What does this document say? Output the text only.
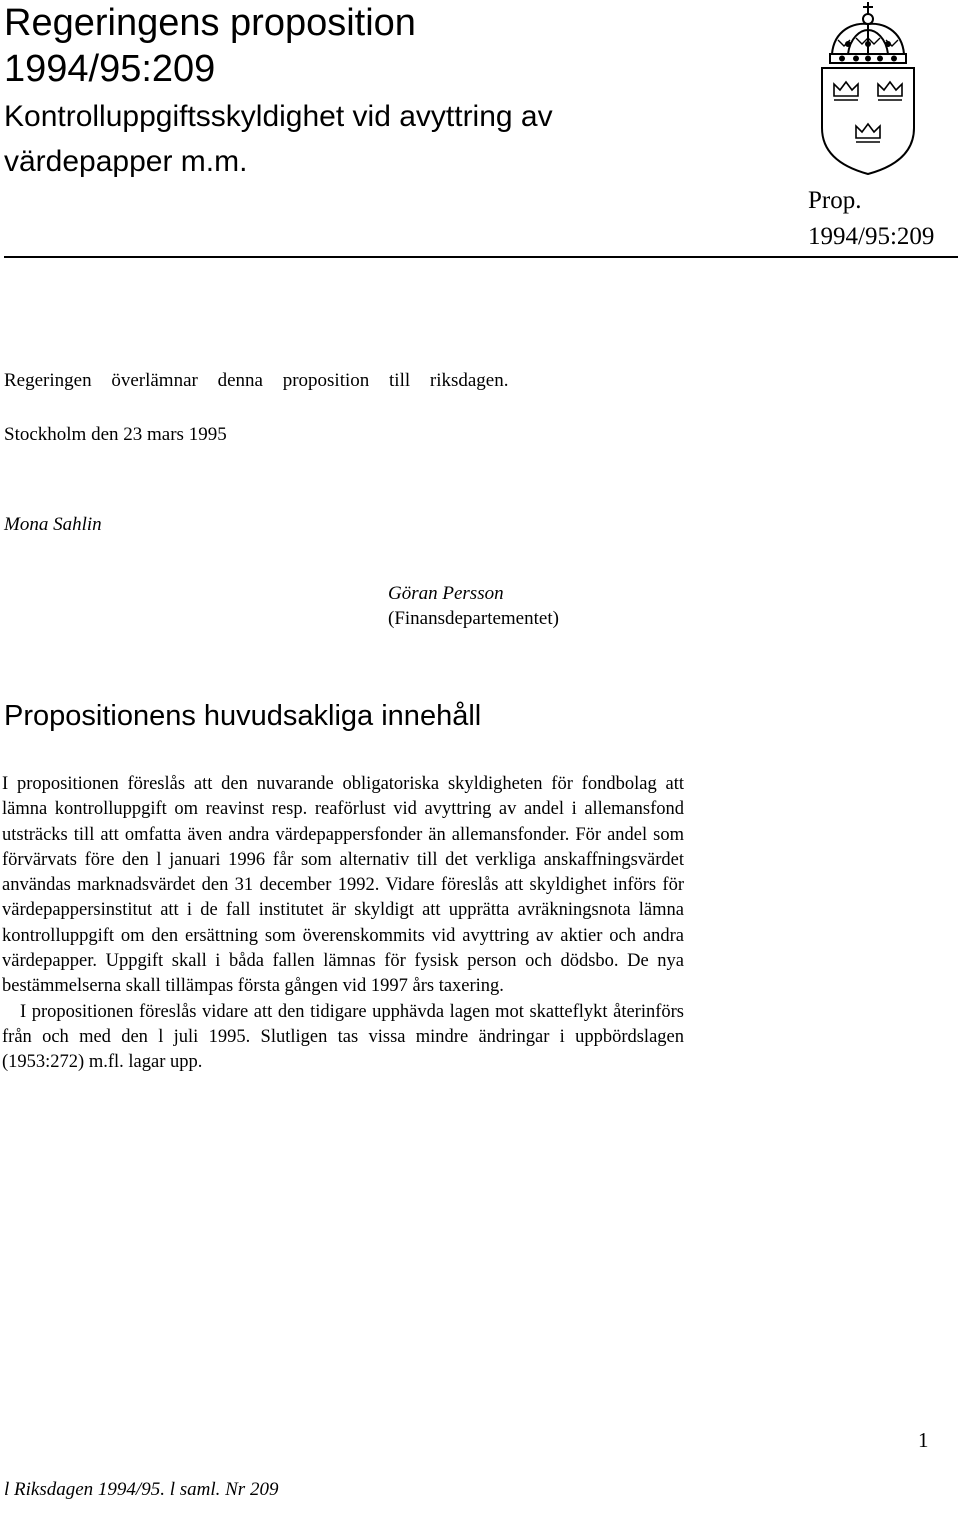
Regeringens proposition
1994/95:209
Kontrolluppgiftsskyldighet vid avyttring av värdepapper m.m.
Prop.
1994/95:209
Regeringen överlämnar denna proposition till riksdagen.
Stockholm den 23 mars 1995
Mona Sahlin
Göran Persson
(Finansdepartementet)
Propositionens huvudsakliga innehåll

I propositionen föreslås att den nuvarande obligatoriska skyldigheten för fondbolag att lämna kontrolluppgift om reavinst resp. reaförlust vid avyttring av andel i allemansfond utsträcks till att omfatta även andra värdepappersfonder än allemansfonder. För andel som förvärvats före den l januari 1996 får som alternativ till det verkliga anskaffningsvärdet användas marknadsvärdet den 31 december 1992. Vidare föreslås att skyldighet införs för värdepappersinstitut att i de fall institutet är skyldigt att upprätta avräkningsnota lämna kontrolluppgift om den ersättning som överenskommits vid avyttring av aktier och andra värdepapper. Uppgift skall i båda fallen lämnas för fysisk person och dödsbo. De nya bestämmelserna skall tillämpas första gången vid 1997 års taxering.

I propositionen föreslås vidare att den tidigare upphävda lagen mot skatteflykt återinförs från och med den l juli 1995. Slutligen tas vissa mindre ändringar i uppbördslagen (1953:272) m.fl. lagar upp.

1
l Riksdagen 1994/95. l saml. Nr 209
